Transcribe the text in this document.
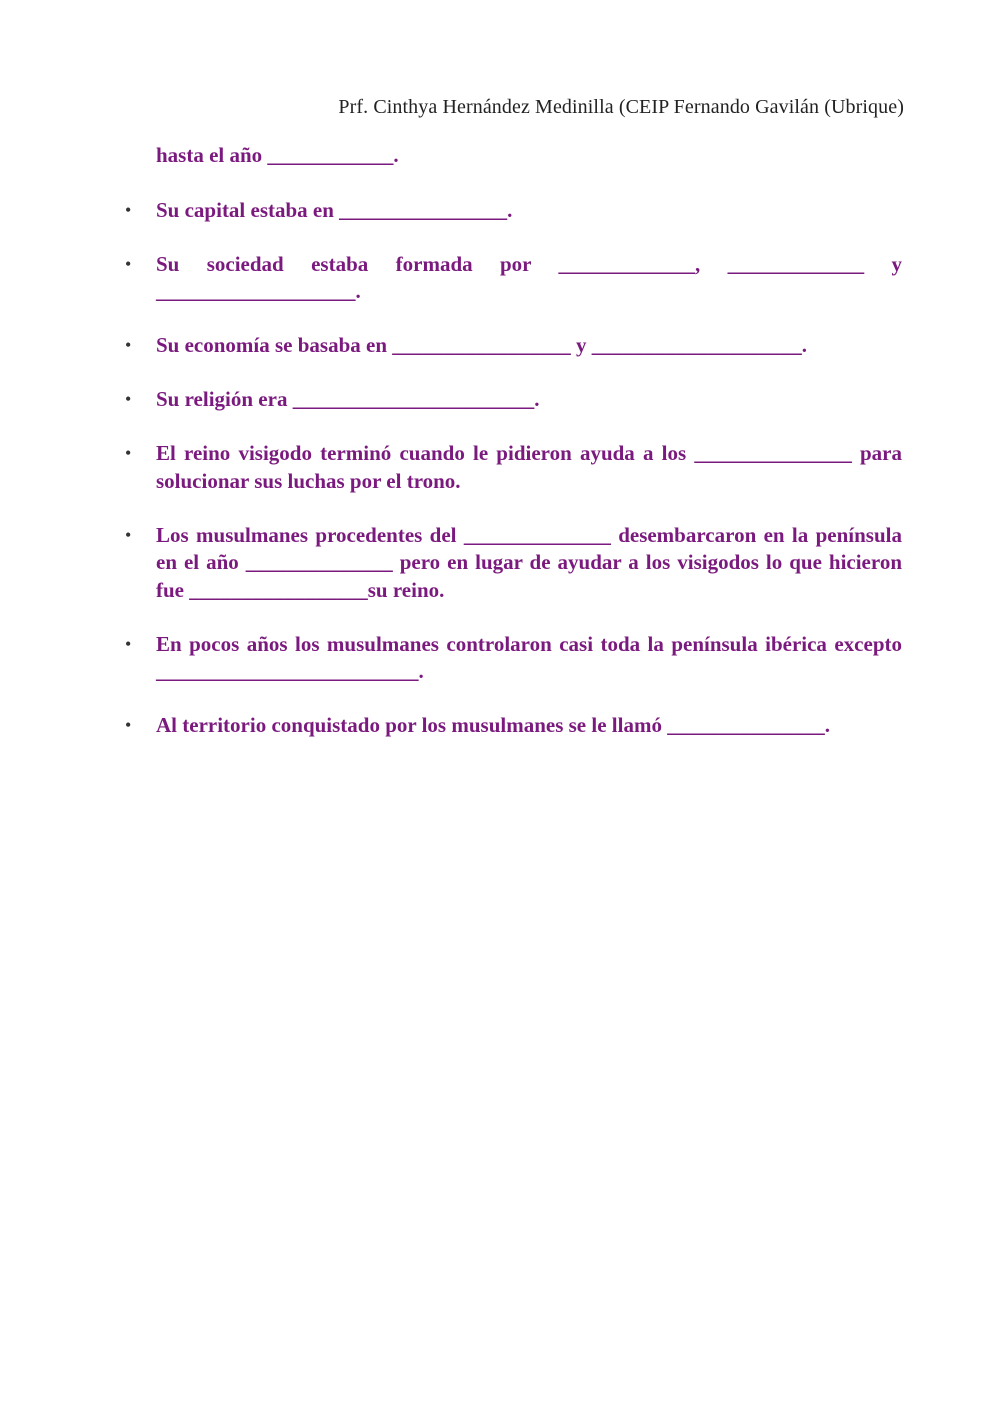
Prf. Cinthya Hernández Medinilla (CEIP Fernando Gavilán (Ubrique)

hasta el año ____________.

• Su capital estaba en ________________.
• Su sociedad estaba formada por _____________, _____________ y ___________________.
• Su economía se basaba en _________________ y ____________________.
• Su religión era _______________________.
• El reino visigodo terminó cuando le pidieron ayuda a los _______________ para solucionar sus luchas por el trono.
• Los musulmanes procedentes del ______________ desembarcaron en la península en el año ______________ pero en lugar de ayudar a los visigodos lo que hicieron fue _________________su reino.
• En pocos años los musulmanes controlaron casi toda la península ibérica excepto _________________________.
• Al territorio conquistado por los musulmanes se le llamó _______________.
